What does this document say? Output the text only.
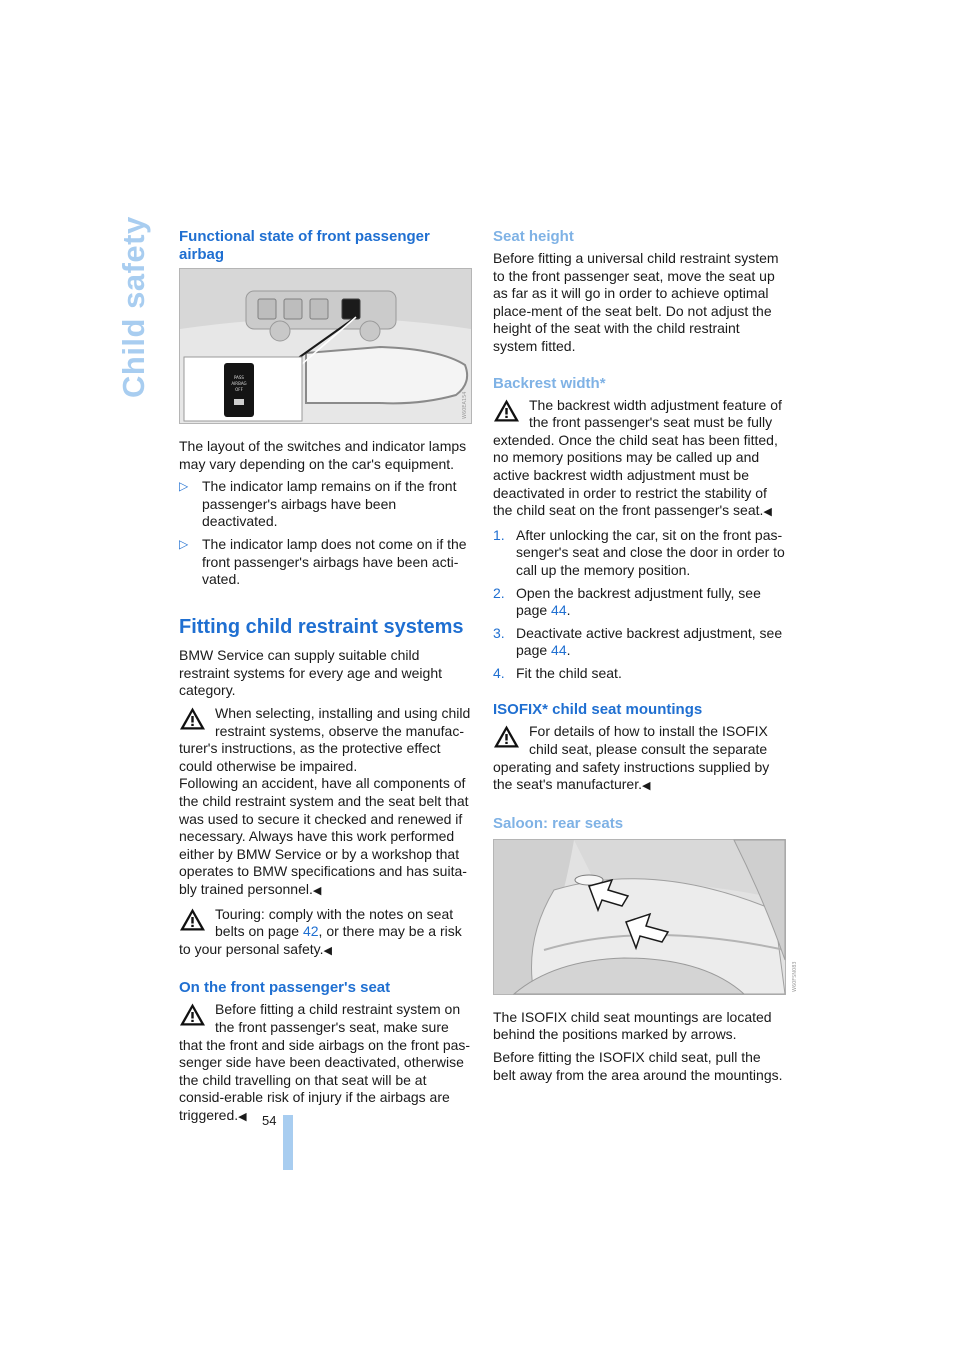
Child safety Functional state of front passenger airbag
PASS
AIRBAG
OFF
W60EA154

The layout of the switches and indicator lamps may vary depending on the car's equipment.

▷ The indicator lamp remains on if the front passenger's airbags have been deactivated.
▷ The indicator lamp does not come on if the front passenger's airbags have been acti-vated.
Fitting child restraint systems

BMW Service can supply suitable child restraint systems for every age and weight category.

When selecting, installing and using child restraint systems, observe the manufac-turer's instructions, as the protective effect could otherwise be impaired.
Following an accident, have all components of the child restraint system and the seat belt that was used to secure it checked and renewed if necessary. Always have this work performed either by BMW Service or by a workshop that operates to BMW specifications and has suita-bly trained personnel.◀
Touring: comply with the notes on seat belts on page 42, or there may be a risk to your personal safety.◀
On the front passenger's seat
Before fitting a child restraint system on the front passenger's seat, make sure that the front and side airbags on the front pas-senger side have been deactivated, otherwise the child travelling on that seat will be at consid-erable risk of injury if the airbags are triggered.◀
Seat height

Before fitting a universal child restraint system to the front passenger seat, move the seat up as far as it will go in order to achieve optimal place-ment of the seat belt. Do not adjust the height of the seat with the child restraint system fitted.

Backrest width*
The backrest width adjustment feature of the front passenger's seat must be fully extended. Once the child seat has been fitted, no memory positions may be called up and active backrest width adjustment must be deactivated in order to restrict the stability of the child seat on the front passenger's seat.◀
1. After unlocking the car, sit on the front pas-senger's seat and close the door in order to call up the memory position.
2. Open the backrest adjustment fully, see page 44.
3. Deactivate active backrest adjustment, see page 44.
4. Fit the child seat.
ISOFIX* child seat mountings
For details of how to install the ISOFIX child seat, please consult the separate operating and safety instructions supplied by the seat's manufacturer.◀
Saloon: rear seats
W60FSN083

The ISOFIX child seat mountings are located behind the positions marked by arrows.

Before fitting the ISOFIX child seat, pull the belt away from the area around the mountings.

54
